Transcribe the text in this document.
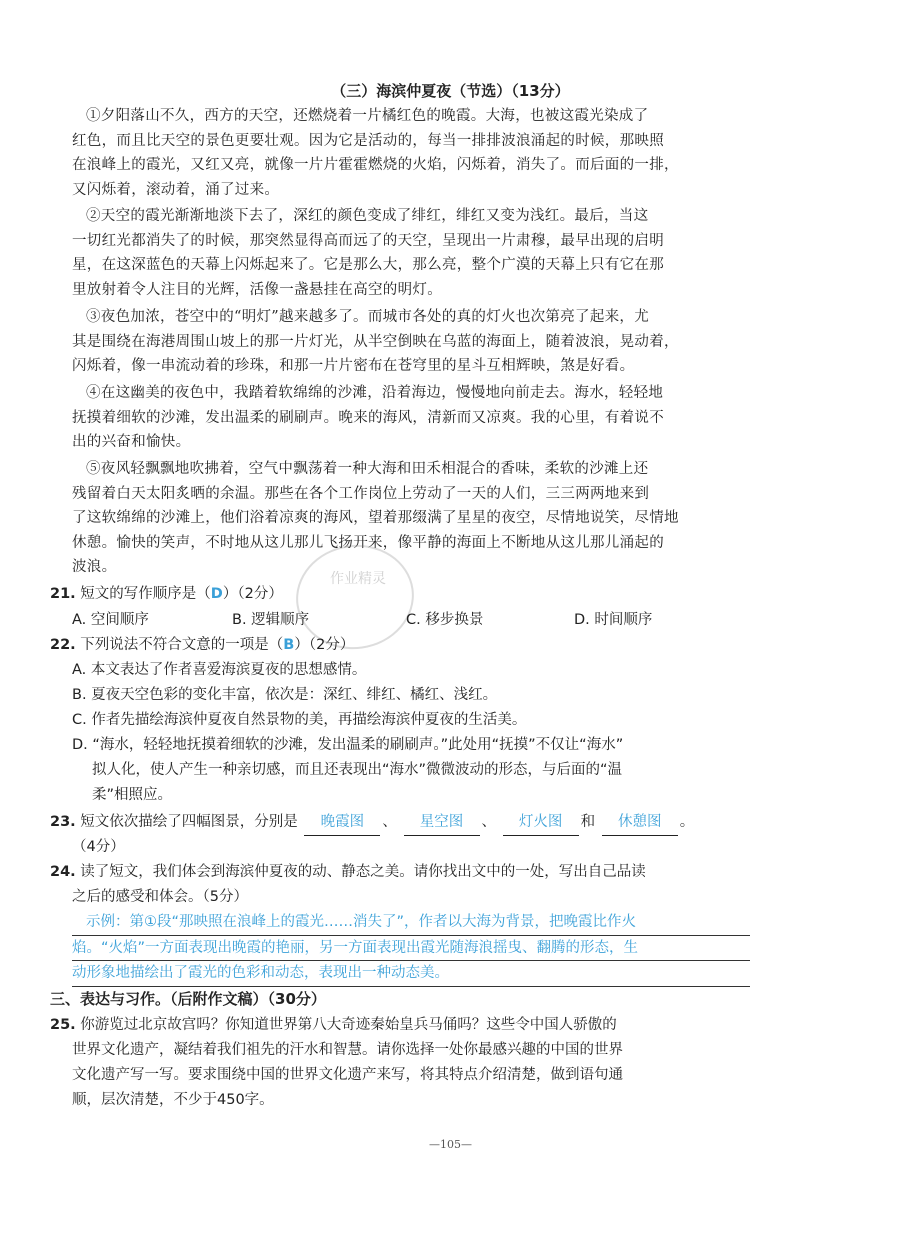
（三）海滨仲夏夜（节选）（13分）
①夕阳落山不久，西方的天空，还燃烧着一片橘红色的晚霞。大海，也被这霞光染成了
红色，而且比天空的景色更要壮观。因为它是活动的，每当一排排波浪涌起的时候，那映照
在浪峰上的霞光，又红又亮，就像一片片霍霍燃烧的火焰，闪烁着，消失了。而后面的一排，
又闪烁着，滚动着，涌了过来。
②天空的霞光渐渐地淡下去了，深红的颜色变成了绯红，绯红又变为浅红。最后，当这
一切红光都消失了的时候，那突然显得高而远了的天空，呈现出一片肃穆，最早出现的启明
星，在这深蓝色的天幕上闪烁起来了。它是那么大，那么亮，整个广漠的天幕上只有它在那
里放射着令人注目的光辉，活像一盏悬挂在高空的明灯。
③夜色加浓，苍空中的“明灯”越来越多了。而城市各处的真的灯火也次第亮了起来，尤
其是围绕在海港周围山坡上的那一片灯光，从半空倒映在乌蓝的海面上，随着波浪，晃动着，
闪烁着，像一串流动着的珍珠，和那一片片密布在苍穹里的星斗互相辉映，煞是好看。
④在这幽美的夜色中，我踏着软绵绵的沙滩，沿着海边，慢慢地向前走去。海水，轻轻地
抚摸着细软的沙滩，发出温柔的刷刷声。晚来的海风，清新而又凉爽。我的心里，有着说不
出的兴奋和愉快。
⑤夜风轻飘飘地吹拂着，空气中飘荡着一种大海和田禾相混合的香味，柔软的沙滩上还
残留着白天太阳炙晒的余温。那些在各个工作岗位上劳动了一天的人们，三三两两地来到
了这软绵绵的沙滩上，他们浴着凉爽的海风，望着那缀满了星星的夜空，尽情地说笑，尽情地
休憩。愉快的笑声，不时地从这儿那儿飞扬开来，像平静的海面上不断地从这儿那儿涌起的
波浪。
作业精灵
21. 短文的写作顺序是（D）（2分）
A. 空间顺序	B. 逻辑顺序	C. 移步换景	D. 时间顺序
22. 下列说法不符合文意的一项是（B）（2分）
A. 本文表达了作者喜爱海滨夏夜的思想感情。
B. 夏夜天空色彩的变化丰富，依次是：深红、绯红、橘红、浅红。
C. 作者先描绘海滨仲夏夜自然景物的美，再描绘海滨仲夏夜的生活美。
D. “海水，轻轻地抚摸着细软的沙滩，发出温柔的刷刷声。”此处用“抚摸”不仅让“海水”
拟人化，使人产生一种亲切感，而且还表现出“海水”微微波动的形态，与后面的“温
柔”相照应。
23. 短文依次描绘了四幅图景，分别是 晚霞图 、 星空图 、 灯火图 和 休憩图 。
（4分）
24. 读了短文，我们体会到海滨仲夏夜的动、静态之美。请你找出文中的一处，写出自己品读
之后的感受和体会。（5分）
示例：第①段“那映照在浪峰上的霞光……消失了”，作者以大海为背景，把晚霞比作火
焰。“火焰”一方面表现出晚霞的艳丽，另一方面表现出霞光随海浪摇曳、翻腾的形态，生
动形象地描绘出了霞光的色彩和动态，表现出一种动态美。
三、表达与习作。（后附作文稿）（30分）
25. 你游览过北京故宫吗？你知道世界第八大奇迹秦始皇兵马俑吗？这些令中国人骄傲的
世界文化遗产，凝结着我们祖先的汗水和智慧。请你选择一处你最感兴趣的中国的世界
文化遗产写一写。要求围绕中国的世界文化遗产来写，将其特点介绍清楚，做到语句通
顺，层次清楚，不少于450字。
—105—
